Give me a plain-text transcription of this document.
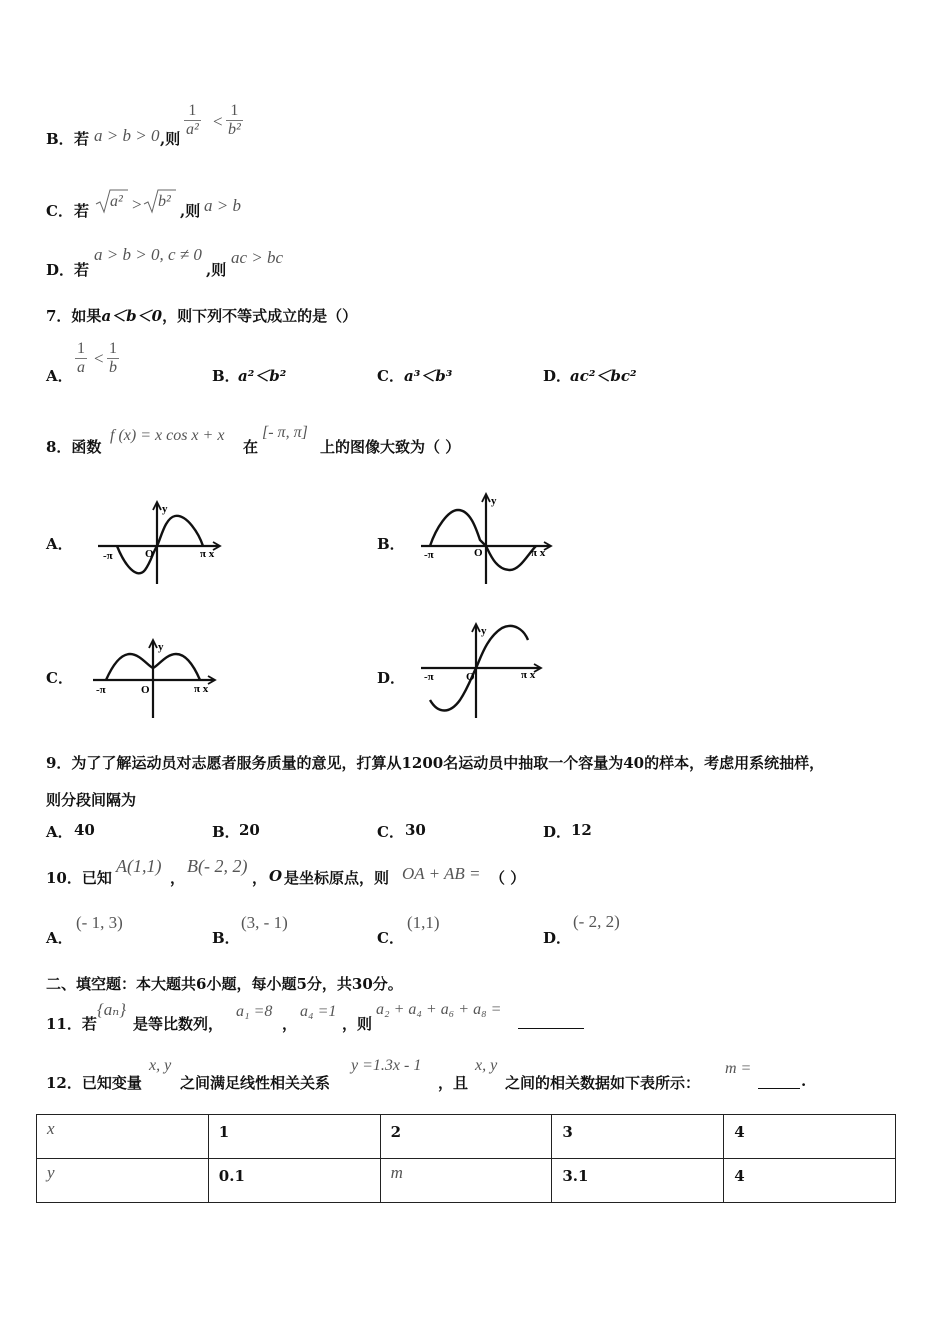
B． 若 a > b > 0 ,则 $\frac{1}{\text{a²}} < \frac{1}{\text{b²}}$
C． 若
a² > b²
,则 a > b
D． 若
a > b > 0, c ≠ 0
,则
ac > bc
7．如果a＜b＜0，则下列不等式成立的是（）
A． $\frac{1}{a} < \frac{1}{b}$	B．
a²＜b²	C． a³＜b³	D．
ac²＜bc²
8．函数
f (x) = x cos x + x
在
[- π, π]
上的图像大致为（ ）
A．	B．
C．	D．
y
O
-π	π x
y
O
-π	π x
y
O
-π	π x
y
O
-π	π x
9．为了了解运动员对志愿者服务质量的意见，打算从1200名运动员中抽取一个容量为40的样本，考虑用系统抽样，
则分段间隔为
A． 40	B． 20	C． 30	D． 12
10．已知
A(1,1)
，
B(- 2, 2)
， O 是坐标原点，则 OA + AB = （ ）
A．
(- 1, 3)
B．
(3, - 1)
C．
(1,1)
D．
(- 2, 2)
二、填空题：本大题共6小题，每小题5分，共30分。
11．若
{aₙ}
是等比数列，
a₁ =8
，
a₄ =1
，则
a₂ + a₄ + a₆ + a₈ =
12．已知变量
x, y
之间满足线性相关关系
y =1.3x - 1
，且
x, y
之间的相关数据如下表所示：
m =
.
x	1	2	3	4
y	0.1	m	3.1	4
